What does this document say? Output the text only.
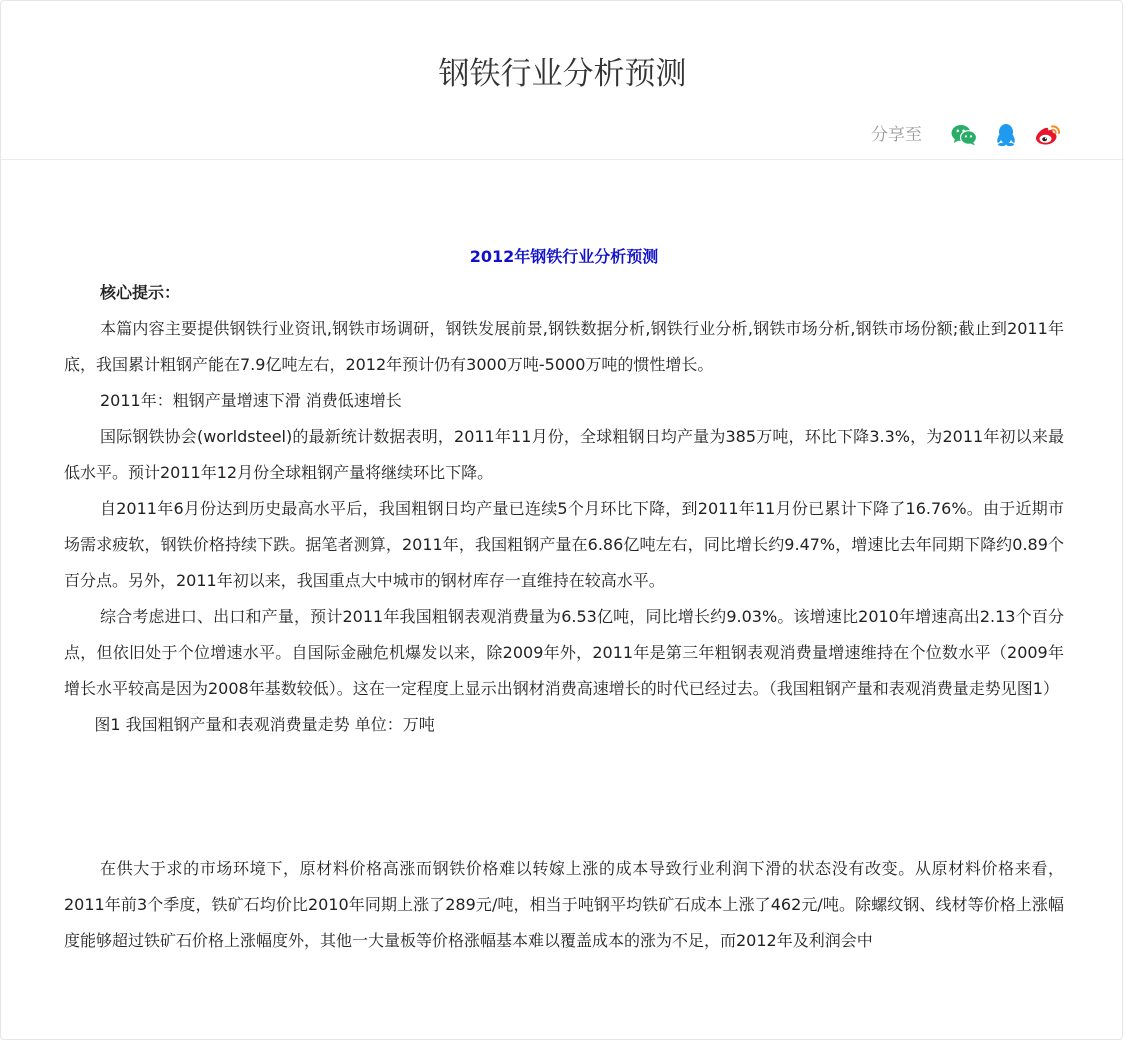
钢铁行业分析预测
分享至

2012年钢铁行业分析预测

核心提示：

本篇内容主要提供钢铁行业资讯,钢铁市场调研，钢铁发展前景,钢铁数据分析,钢铁行业分析,钢铁市场分析,钢铁市场份额;截止到2011年底，我国累计粗钢产能在7.9亿吨左右，2012年预计仍有3000万吨-5000万吨的惯性增长。

2011年：粗钢产量增速下滑 消费低速增长

国际钢铁协会(worldsteel)的最新统计数据表明，2011年11月份，全球粗钢日均产量为385万吨，环比下降3.3%，为2011年初以来最低水平。预计2011年12月份全球粗钢产量将继续环比下降。

自2011年6月份达到历史最高水平后，我国粗钢日均产量已连续5个月环比下降，到2011年11月份已累计下降了16.76%。由于近期市场需求疲软，钢铁价格持续下跌。据笔者测算，2011年，我国粗钢产量在6.86亿吨左右，同比增长约9.47%，增速比去年同期下降约0.89个百分点。另外，2011年初以来，我国重点大中城市的钢材库存一直维持在较高水平。

综合考虑进口、出口和产量，预计2011年我国粗钢表观消费量为6.53亿吨，同比增长约9.03%。该增速比2010年增速高出2.13个百分点，但依旧处于个位增速水平。自国际金融危机爆发以来，除2009年外，2011年是第三年粗钢表观消费量增速维持在个位数水平（2009年增长水平较高是因为2008年基数较低）。这在一定程度上显示出钢材消费高速增长的时代已经过去。（我国粗钢产量和表观消费量走势见图1）

图1 我国粗钢产量和表观消费量走势 单位：万吨

在供大于求的市场环境下，原材料价格高涨而钢铁价格难以转嫁上涨的成本导致行业利润下滑的状态没有改变。从原材料价格来看，2011年前3个季度，铁矿石均价比2010年同期上涨了289元/吨，相当于吨钢平均铁矿石成本上涨了462元/吨。除螺纹钢、线材等价格上涨幅度能够超过铁矿石价格上涨幅度外，其他一大量板等价格涨幅基本难以覆盖成本的涨为不足，而2012年及利润会中
